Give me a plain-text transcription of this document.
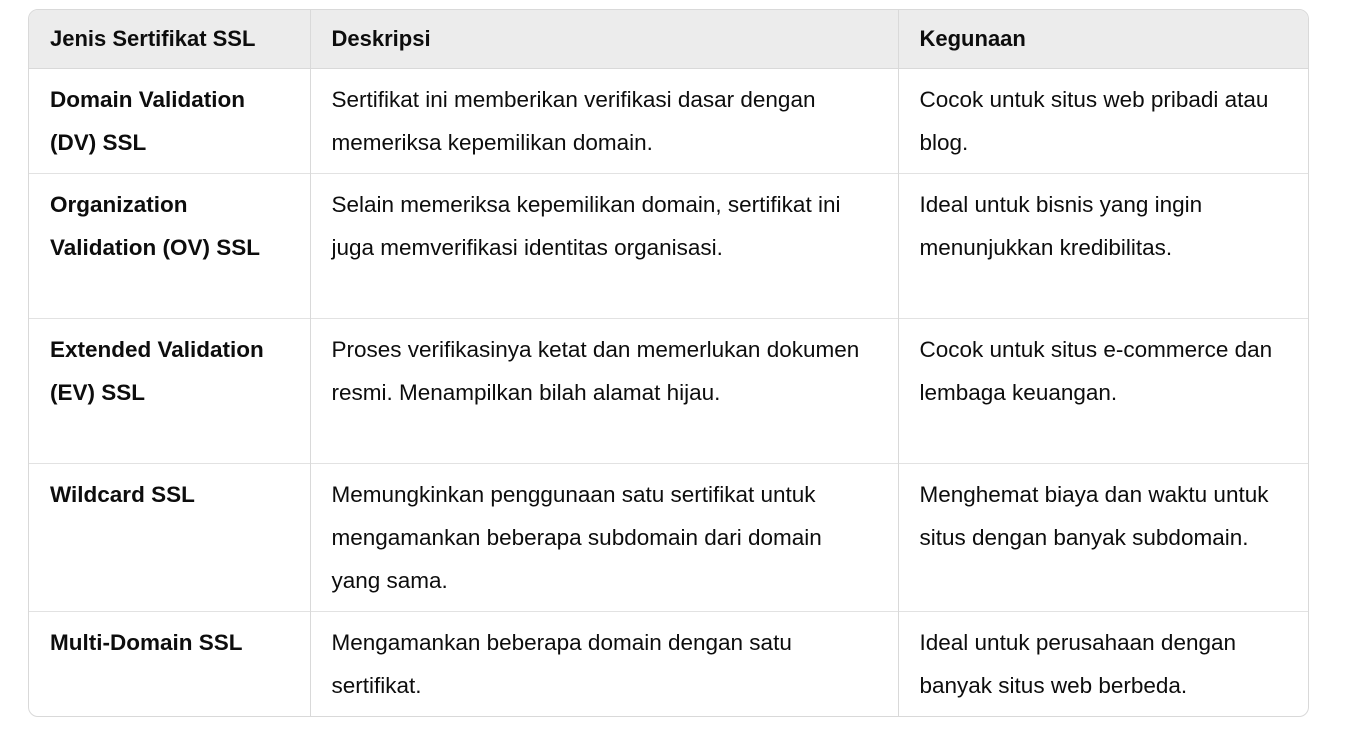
Jenis Sertifikat SSL	Deskripsi	Kegunaan
Domain Validation (DV) SSL	Sertifikat ini memberikan verifikasi dasar dengan memeriksa kepemilikan domain.	Cocok untuk situs web pribadi atau blog.
Organization Validation (OV) SSL	Selain memeriksa kepemilikan domain, sertifikat ini juga memverifikasi identitas organisasi.	Ideal untuk bisnis yang ingin menunjukkan kredibilitas.
Extended Validation (EV) SSL	Proses verifikasinya ketat dan memerlukan dokumen resmi. Menampilkan bilah alamat hijau.	Cocok untuk situs e-commerce dan lembaga keuangan.
Wildcard SSL	Memungkinkan penggunaan satu sertifikat untuk mengamankan beberapa subdomain dari domain yang sama.	Menghemat biaya dan waktu untuk situs dengan banyak subdomain.
Multi-Domain SSL	Mengamankan beberapa domain dengan satu sertifikat.	Ideal untuk perusahaan dengan banyak situs web berbeda.
